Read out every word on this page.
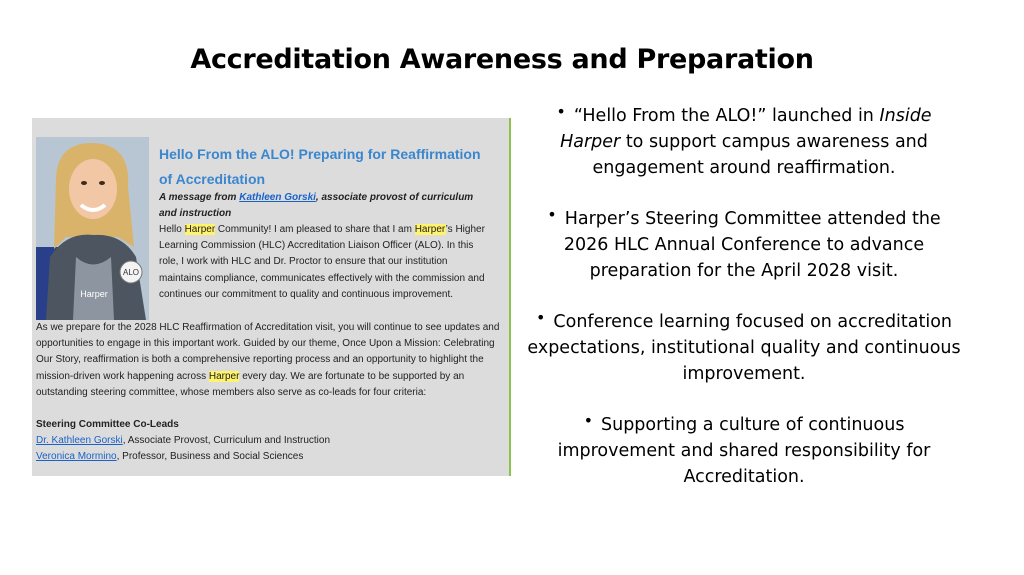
Accreditation Awareness and Preparation
ALO
Harper
Hello From the ALO! Preparing for Reaffirmation of Accreditation
A message from Kathleen Gorski, associate provost of curriculum and instruction
Hello Harper Community! I am pleased to share that I am Harper’s Higher Learning Commission (HLC) Accreditation Liaison Officer (ALO). In this role, I work with HLC and Dr. Proctor to ensure that our institution maintains compliance, communicates effectively with the commission and continues our commitment to quality and continuous improvement.
As we prepare for the 2028 HLC Reaffirmation of Accreditation visit, you will continue to see updates and opportunities to engage in this important work. Guided by our theme, Once Upon a Mission: Celebrating Our Story, reaffirmation is both a comprehensive reporting process and an opportunity to highlight the mission-driven work happening across Harper every day. We are fortunate to be supported by an outstanding steering committee, whose members also serve as co-leads for four criteria:
Steering Committee Co-Leads
Dr. Kathleen Gorski, Associate Provost, Curriculum and Instruction
Veronica Mormino, Professor, Business and Social Sciences
• “Hello From the ALO!” launched in Inside Harper to support campus awareness and engagement around reaffirmation.
• Harper’s Steering Committee attended the 2026 HLC Annual Conference to advance preparation for the April 2028 visit.
• Conference learning focused on accreditation expectations, institutional quality and continuous improvement.
• Supporting a culture of continuous improvement and shared responsibility for Accreditation.
